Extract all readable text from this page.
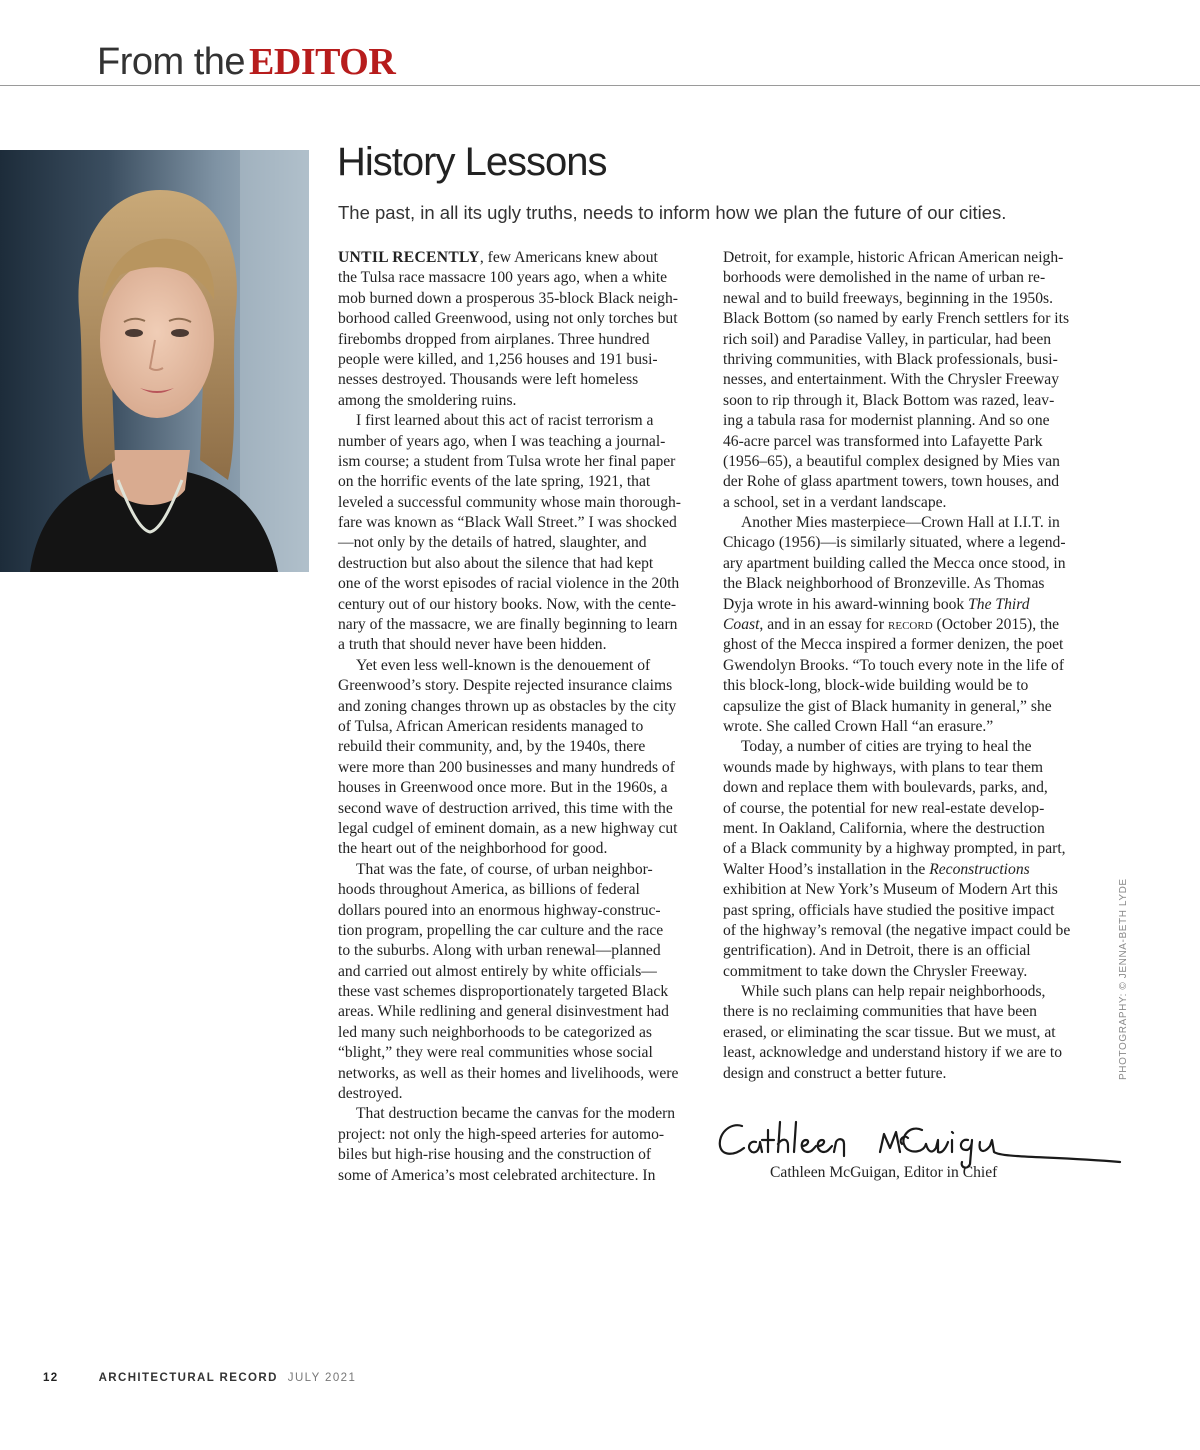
From the EDITOR
History Lessons

The past, in all its ugly truths, needs to inform how we plan the future of our cities.

UNTIL RECENTLY, few Americans knew about
the Tulsa race massacre 100 years ago, when a white
mob burned down a prosperous 35-block Black neigh-
borhood called Greenwood, using not only torches but
firebombs dropped from airplanes. Three hundred
people were killed, and 1,256 houses and 191 busi-
nesses destroyed. Thousands were left homeless
among the smoldering ruins.
I first learned about this act of racist terrorism a
number of years ago, when I was teaching a journal-
ism course; a student from Tulsa wrote her final paper
on the horrific events of the late spring, 1921, that
leveled a successful community whose main thorough-
fare was known as “Black Wall Street.” I was shocked
—not only by the details of hatred, slaughter, and
destruction but also about the silence that had kept
one of the worst episodes of racial violence in the 20th
century out of our history books. Now, with the cente-
nary of the massacre, we are finally beginning to learn
a truth that should never have been hidden.
Yet even less well-known is the denouement of
Greenwood’s story. Despite rejected insurance claims
and zoning changes thrown up as obstacles by the city
of Tulsa, African American residents managed to
rebuild their community, and, by the 1940s, there
were more than 200 businesses and many hundreds of
houses in Greenwood once more. But in the 1960s, a
second wave of destruction arrived, this time with the
legal cudgel of eminent domain, as a new highway cut
the heart out of the neighborhood for good.
That was the fate, of course, of urban neighbor-
hoods throughout America, as billions of federal
dollars poured into an enormous highway-construc-
tion program, propelling the car culture and the race
to the suburbs. Along with urban renewal—planned
and carried out almost entirely by white officials—
these vast schemes disproportionately targeted Black
areas. While redlining and general disinvestment had
led many such neighborhoods to be categorized as
“blight,” they were real communities whose social
networks, as well as their homes and livelihoods, were
destroyed.
That destruction became the canvas for the modern
project: not only the high-speed arteries for automo-
biles but high-rise housing and the construction of
some of America’s most celebrated architecture. In
Detroit, for example, historic African American neigh-
borhoods were demolished in the name of urban re-
newal and to build freeways, beginning in the 1950s.
Black Bottom (so named by early French settlers for its
rich soil) and Paradise Valley, in particular, had been
thriving communities, with Black professionals, busi-
nesses, and entertainment. With the Chrysler Freeway
soon to rip through it, Black Bottom was razed, leav-
ing a tabula rasa for modernist planning. And so one
46-acre parcel was transformed into Lafayette Park
(1956–65), a beautiful complex designed by Mies van
der Rohe of glass apartment towers, town houses, and
a school, set in a verdant landscape.
Another Mies masterpiece—Crown Hall at I.I.T. in
Chicago (1956)—is similarly situated, where a legend-
ary apartment building called the Mecca once stood, in
the Black neighborhood of Bronzeville. As Thomas
Dyja wrote in his award-winning book The Third
Coast, and in an essay for record (October 2015), the
ghost of the Mecca inspired a former denizen, the poet
Gwendolyn Brooks. “To touch every note in the life of
this block-long, block-wide building would be to
capsulize the gist of Black humanity in general,” she
wrote. She called Crown Hall “an erasure.”
Today, a number of cities are trying to heal the
wounds made by highways, with plans to tear them
down and replace them with boulevards, parks, and,
of course, the potential for new real-estate develop-
ment. In Oakland, California, where the destruction
of a Black community by a highway prompted, in part,
Walter Hood’s installation in the Reconstructions
exhibition at New York’s Museum of Modern Art this
past spring, officials have studied the positive impact
of the highway’s removal (the negative impact could be
gentrification). And in Detroit, there is an official
commitment to take down the Chrysler Freeway.
While such plans can help repair neighborhoods,
there is no reclaiming communities that have been
erased, or eliminating the scar tissue. But we must, at
least, acknowledge and understand history if we are to
design and construct a better future.
Cathleen McGuigan, Editor in Chief
PHOTOGRAPHY: © JENNA-BETH LYDE
12	ARCHITECTURAL RECORD JULY 2021
